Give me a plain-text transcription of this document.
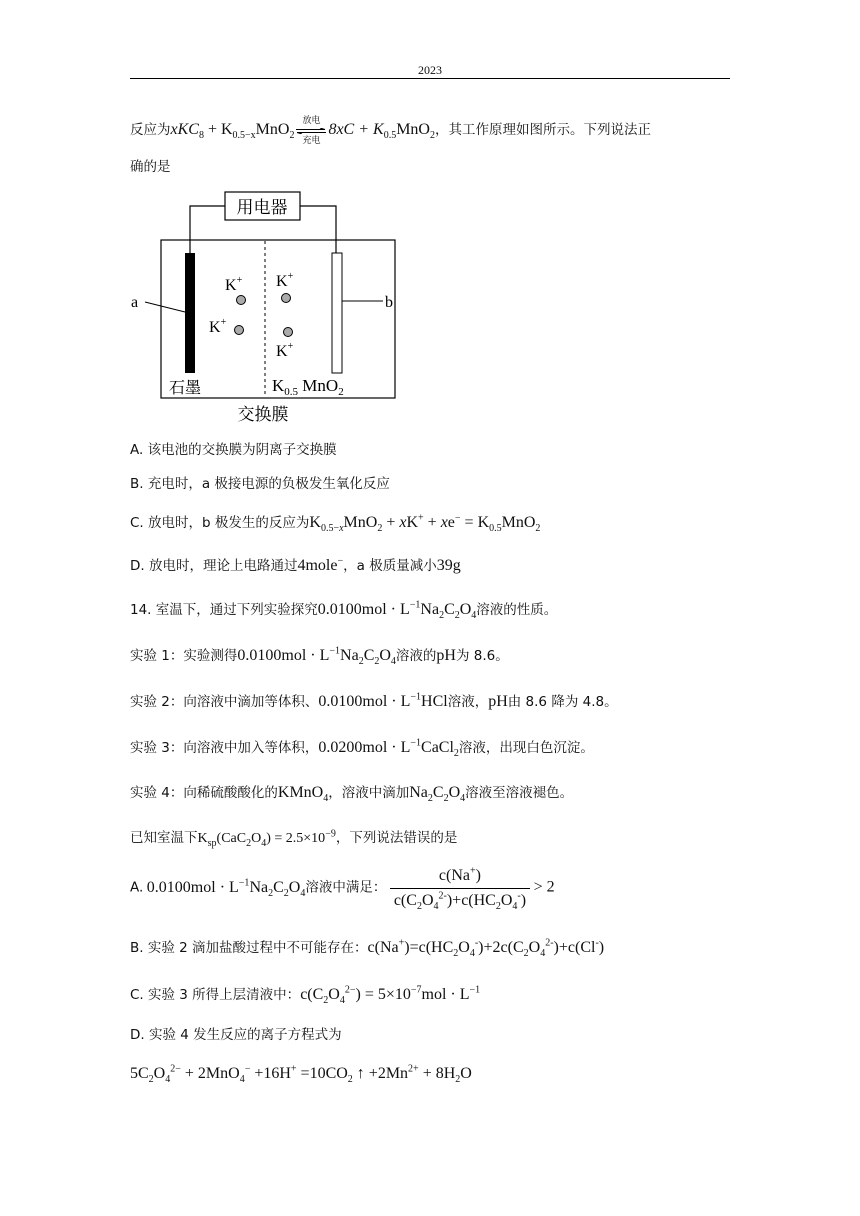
2023
反应为$xKC_8 + K_{0.5-x}MnO_2$
放电
充电
$8xC + K_{0.5}MnO_2$，其工作原理如图所示。下列说法正
确的是
用电器
a	b
K+
K+
K+
K+
石墨	$K_{0.5}$ MnO$_2$
交换膜
A. 该电池的交换膜为阴离子交换膜
B. 充电时，a 极接电源的负极发生氧化反应
C. 放电时，b 极发生的反应为$K_{0.5-x}MnO_2 + xK^+ + xe^- = K_{0.5}MnO_2$
D. 放电时，理论上电路通过4mole−，a 极质量减小39g
14. 室温下，通过下列实验探究$0.0100mol \cdot L^{-1}Na_2C_2O_4$溶液的性质。
实验 1：实验测得$0.0100mol \cdot L^{-1}Na_2C_2O_4$溶液的pH为 8.6。
实验 2：向溶液中滴加等体积、$0.0100mol \cdot L^{-1}HCl$溶液，pH由 8.6 降为 4.8。
实验 3：向溶液中加入等体积，$0.0200mol \cdot L^{-1}CaCl_2$溶液，出现白色沉淀。
实验 4：向稀硫酸酸化的KMnO$_4$，溶液中滴加$Na_2C_2O_4$溶液至溶液褪色。
已知室温下$K_{sp}(CaC_2O_4) = 2.5\times 10^{-9}$，下列说法错误的是
A. $0.0100mol \cdot L^{-1}Na_2C_2O_4$溶液中满足： $\frac{c(Na^+)}{c(C_2O_4^{2-})+c(HC_2O_4^-)} > 2$
B. 实验 2 滴加盐酸过程中不可能存在：$c(Na^+)=c(HC_2O_4^-)+2c(C_2O_4^{2-})+c(Cl^-)$
C. 实验 3 所得上层清液中：$c(C_2O_4^{2-}) = 5\times 10^{-7}mol \cdot L^{-1}$
D. 实验 4 发生反应的离子方程式为
$5C_2O_4^{2-} + 2MnO_4^- +16H^+ =10CO_2$ ↑ $+2Mn^{2+} + 8H_2O$
